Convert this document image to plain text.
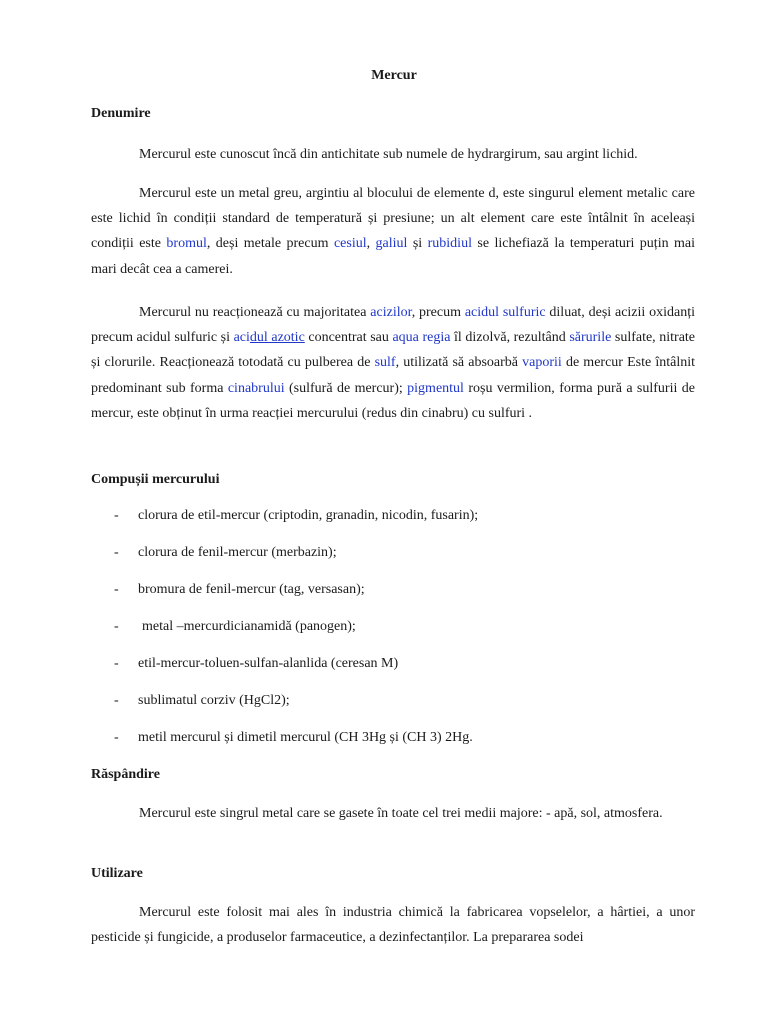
Mercur
Denumire

Mercurul este cunoscut încă din antichitate sub numele de hydrargirum, sau argint lichid.

Mercurul este un metal greu, argintiu al blocului de elemente d, este singurul element metalic care este lichid în condiții standard de temperatură și presiune; un alt element care este întâlnit în aceleași condiții este bromul, deși metale precum cesiul, galiul și rubidiul se lichefiază la temperaturi puțin mai mari decât cea a camerei.

Mercurul nu reacționează cu majoritatea acizilor, precum acidul sulfuric diluat, deși acizii oxidanți precum acidul sulfuric și acidul azotic concentrat sau aqua regia îl dizolvă, rezultând sărurile sulfate, nitrate și clorurile. Reacționează totodată cu pulberea de sulf, utilizată să absoarbă vaporii de mercur Este întâlnit predominant sub forma cinabrului (sulfură de mercur); pigmentul roșu vermilion, forma pură a sulfurii de mercur, este obținut în urma reacției mercurului (redus din cinabru) cu sulfuri .

Compușii mercurului
- clorura de etil-mercur (criptodin, granadin, nicodin, fusarin);
- clorura de fenil-mercur (merbazin);
- bromura de fenil-mercur (tag, versasan);
- metal –mercurdicianamidă (panogen);
- etil-mercur-toluen-sulfan-alanlida (ceresan M)
- sublimatul corziv (HgCl2);
- metil mercurul și dimetil mercurul (CH 3Hg și (CH 3) 2Hg.
Răspândire

Mercurul este singrul metal care se gasete în toate cel trei medii majore: - apă, sol, atmosfera.

Utilizare

Mercurul este folosit mai ales în industria chimică la fabricarea vopselelor, a hârtiei, a unor pesticide și fungicide, a produselor farmaceutice, a dezinfectanților. La prepararea sodei
